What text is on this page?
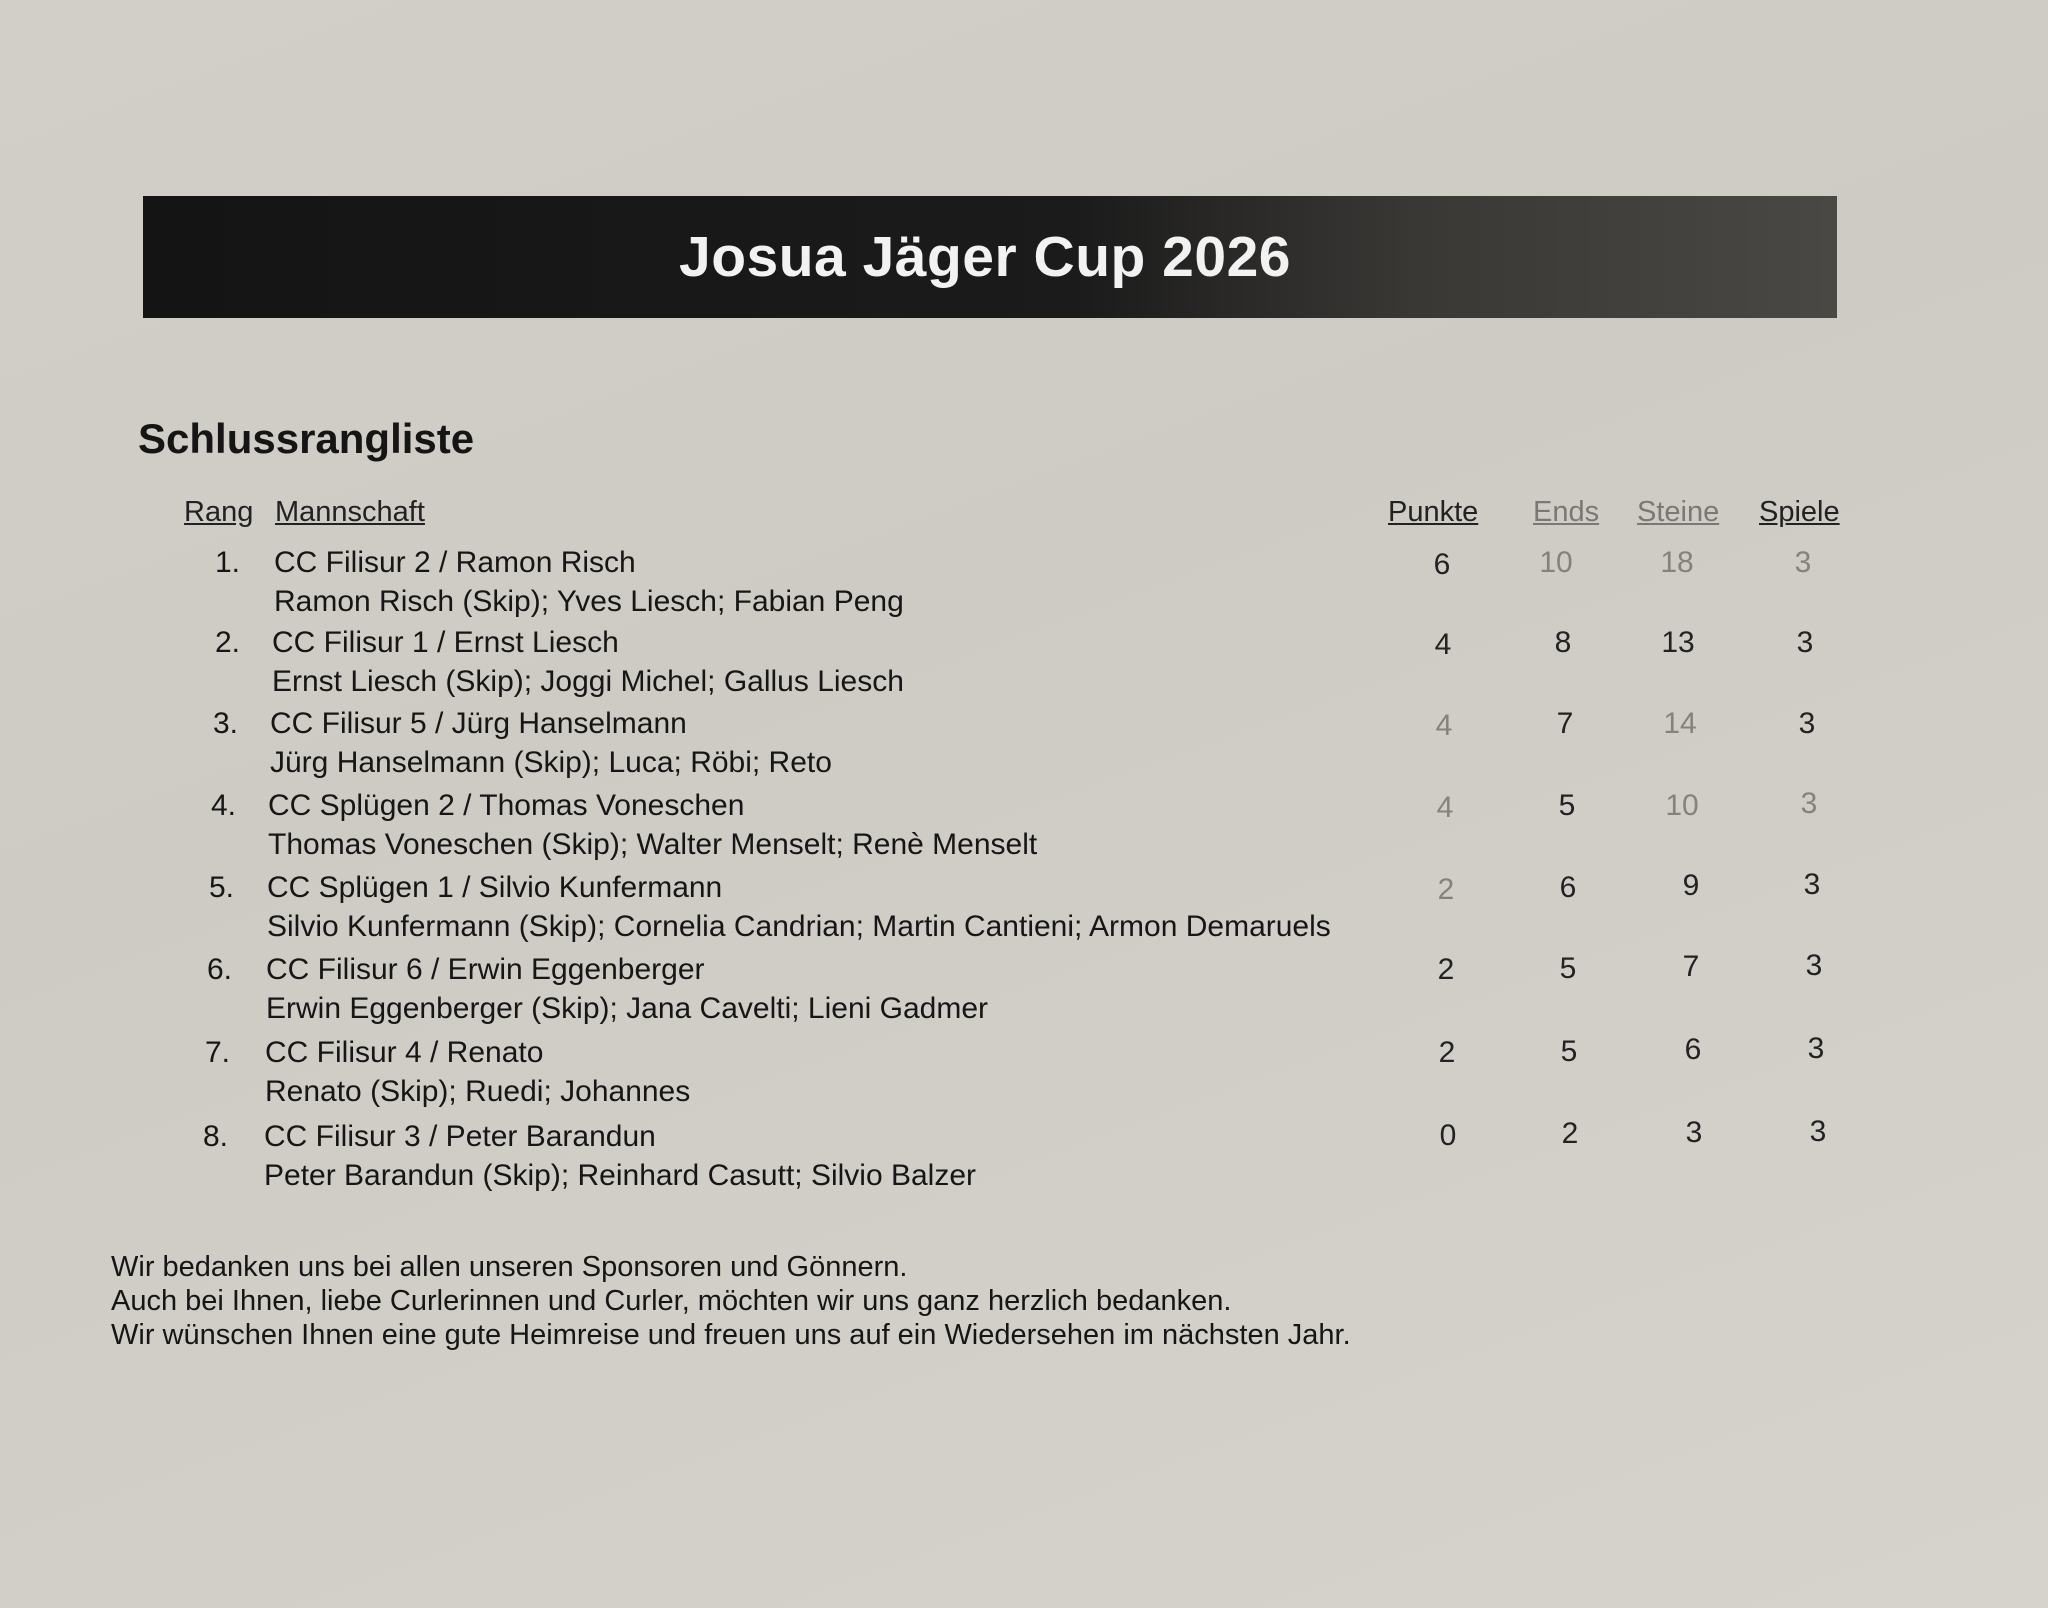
Josua Jäger Cup 2026
Schlussrangliste
Rang Mannschaft	Punkte Ends Steine Spiele
1. CC Filisur 2 / Ramon Risch
Ramon Risch (Skip); Yves Liesch; Fabian Peng
6	10	18	3
2. CC Filisur 1 / Ernst Liesch
Ernst Liesch (Skip); Joggi Michel; Gallus Liesch
4	8	13	3
3. CC Filisur 5 / Jürg Hanselmann
Jürg Hanselmann (Skip); Luca; Röbi; Reto
4	7	14	3
4. CC Splügen 2 / Thomas Voneschen
Thomas Voneschen (Skip); Walter Menselt; Renè Menselt
4	5	10	3
5. CC Splügen 1 / Silvio Kunfermann
Silvio Kunfermann (Skip); Cornelia Candrian; Martin Cantieni; Armon Demaruels
2	6	9	3
6. CC Filisur 6 / Erwin Eggenberger
Erwin Eggenberger (Skip); Jana Cavelti; Lieni Gadmer
2	5	7	3
7. CC Filisur 4 / Renato
Renato (Skip); Ruedi; Johannes
2	5	6	3
8. CC Filisur 3 / Peter Barandun
Peter Barandun (Skip); Reinhard Casutt; Silvio Balzer
0	2	3	3
Wir bedanken uns bei allen unseren Sponsoren und Gönnern.
Auch bei Ihnen, liebe Curlerinnen und Curler, möchten wir uns ganz herzlich bedanken.
Wir wünschen Ihnen eine gute Heimreise und freuen uns auf ein Wiedersehen im nächsten Jahr.
